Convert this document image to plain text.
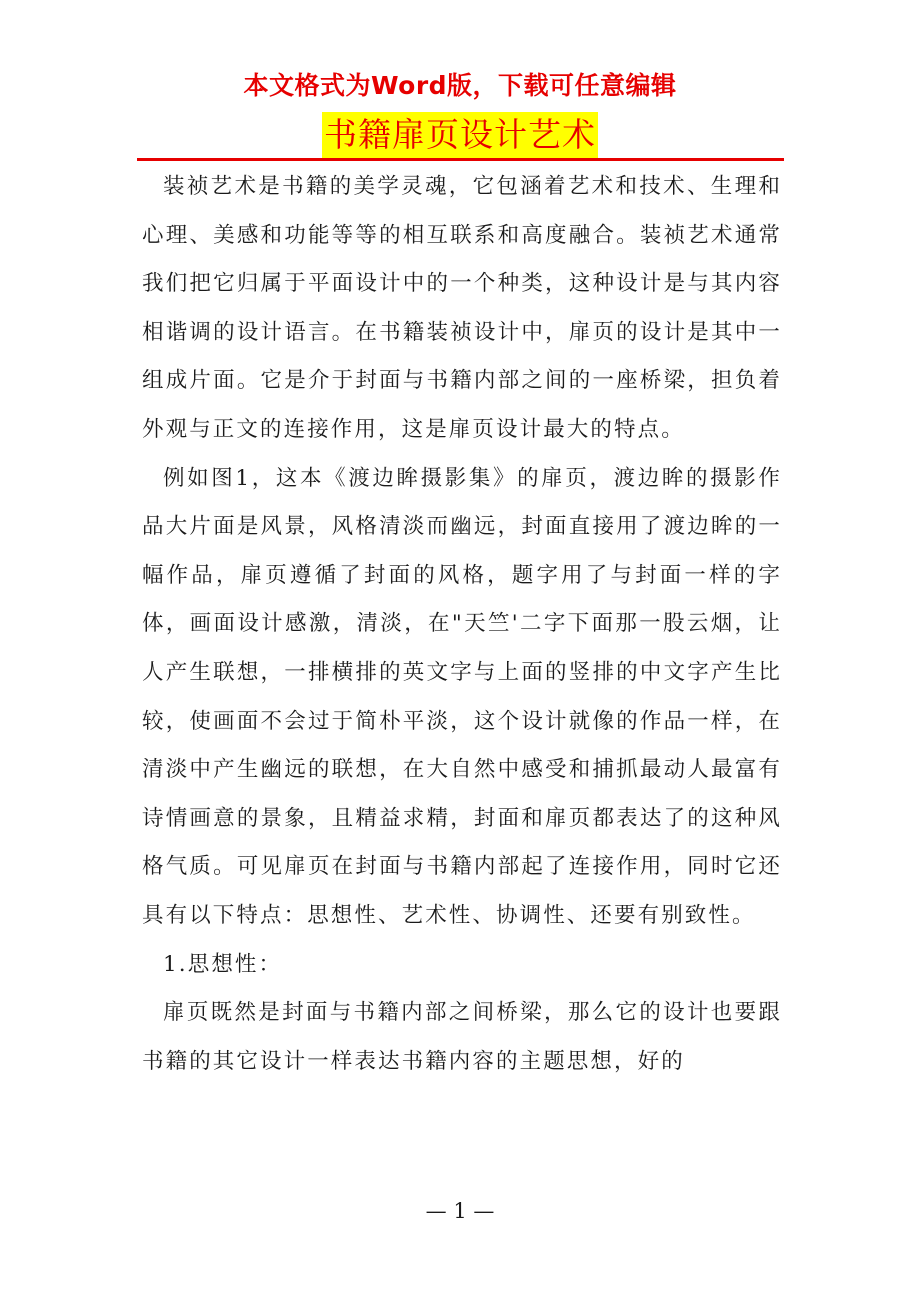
本文格式为Word版，下载可任意编辑
书籍扉页设计艺术

装祯艺术是书籍的美学灵魂，它包涵着艺术和技术、生理和心理、美感和功能等等的相互联系和高度融合。装祯艺术通常我们把它归属于平面设计中的一个种类，这种设计是与其内容相谐调的设计语言。在书籍装祯设计中，扉页的设计是其中一组成片面。它是介于封面与书籍内部之间的一座桥梁，担负着外观与正文的连接作用，这是扉页设计最大的特点。

例如图1，这本《渡边眸摄影集》的扉页，渡边眸的摄影作品大片面是风景，风格清淡而幽远，封面直接用了渡边眸的一幅作品，扉页遵循了封面的风格，题字用了与封面一样的字体，画面设计感激，清淡，在"天竺'二字下面那一股云烟，让人产生联想，一排横排的英文字与上面的竖排的中文字产生比较，使画面不会过于简朴平淡，这个设计就像的作品一样，在清淡中产生幽远的联想，在大自然中感受和捕抓最动人最富有诗情画意的景象，且精益求精，封面和扉页都表达了的这种风格气质。可见扉页在封面与书籍内部起了连接作用，同时它还具有以下特点：思想性、艺术性、协调性、还要有别致性。

1.思想性：

扉页既然是封面与书籍内部之间桥梁，那么它的设计也要跟书籍的其它设计一样表达书籍内容的主题思想，好的

— 1 —
